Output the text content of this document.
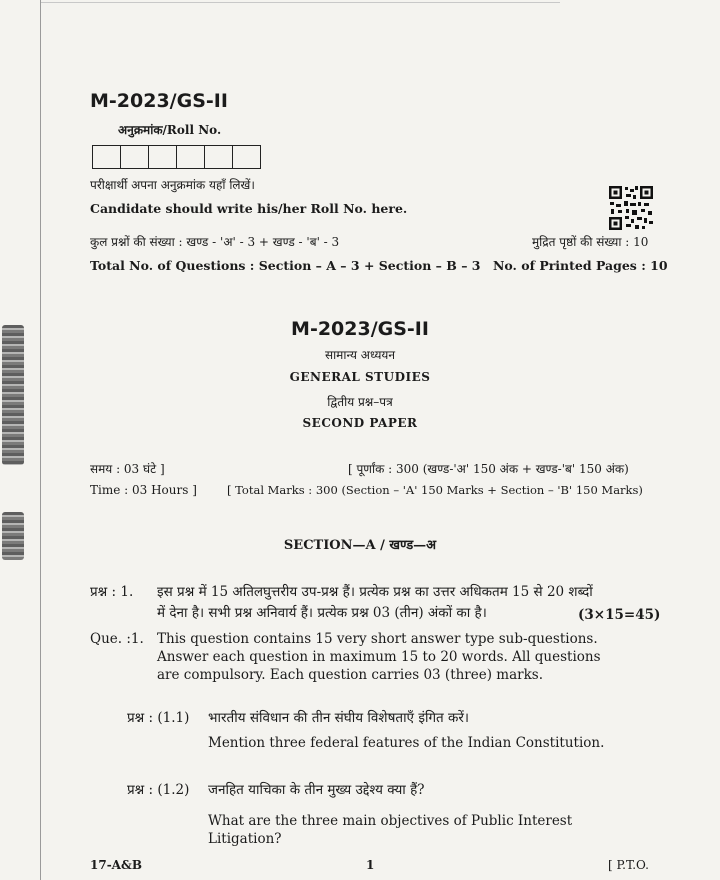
M-2023/GS-II
अनुक्रमांक/Roll No.
परीक्षार्थी अपना अनुक्रमांक यहाँ लिखें।
Candidate should write his/her Roll No. here.
कुल प्रश्नों की संख्या : खण्ड - 'अ' - 3 + खण्ड - 'ब' - 3	मुद्रित पृष्ठों की संख्या : 10
Total No. of Questions : Section – A – 3 + Section – B – 3 No. of Printed Pages : 10
M-2023/GS-II
सामान्य अध्ययन
GENERAL STUDIES
द्वितीय प्रश्न–पत्र
SECOND PAPER
समय : 03 घंटे ]	[ पूर्णांक : 300 (खण्ड-'अ' 150 अंक + खण्ड-'ब' 150 अंक)
Time : 03 Hours ]	[ Total Marks : 300 (Section – 'A' 150 Marks + Section – 'B' 150 Marks)
SECTION—A / खण्ड—अ
प्रश्न : 1. इस प्रश्न में 15 अतिलघुत्तरीय उप-प्रश्न हैं। प्रत्येक प्रश्न का उत्तर अधिकतम 15 से 20 शब्दों
में देना है। सभी प्रश्न अनिवार्य हैं। प्रत्येक प्रश्न 03 (तीन) अंकों का है।	(3×15=45)
Que. :1. This question contains 15 very short answer type sub-questions.
Answer each question in maximum 15 to 20 words. All questions
are compulsory. Each question carries 03 (three) marks.
प्रश्न : (1.1) भारतीय संविधान की तीन संघीय विशेषताएँ इंगित करें।
Mention three federal features of the Indian Constitution.
प्रश्न : (1.2) जनहित याचिका के तीन मुख्य उद्देश्य क्या हैं?
What are the three main objectives of Public Interest
Litigation?
17-A&B	1	[ P.T.O.
